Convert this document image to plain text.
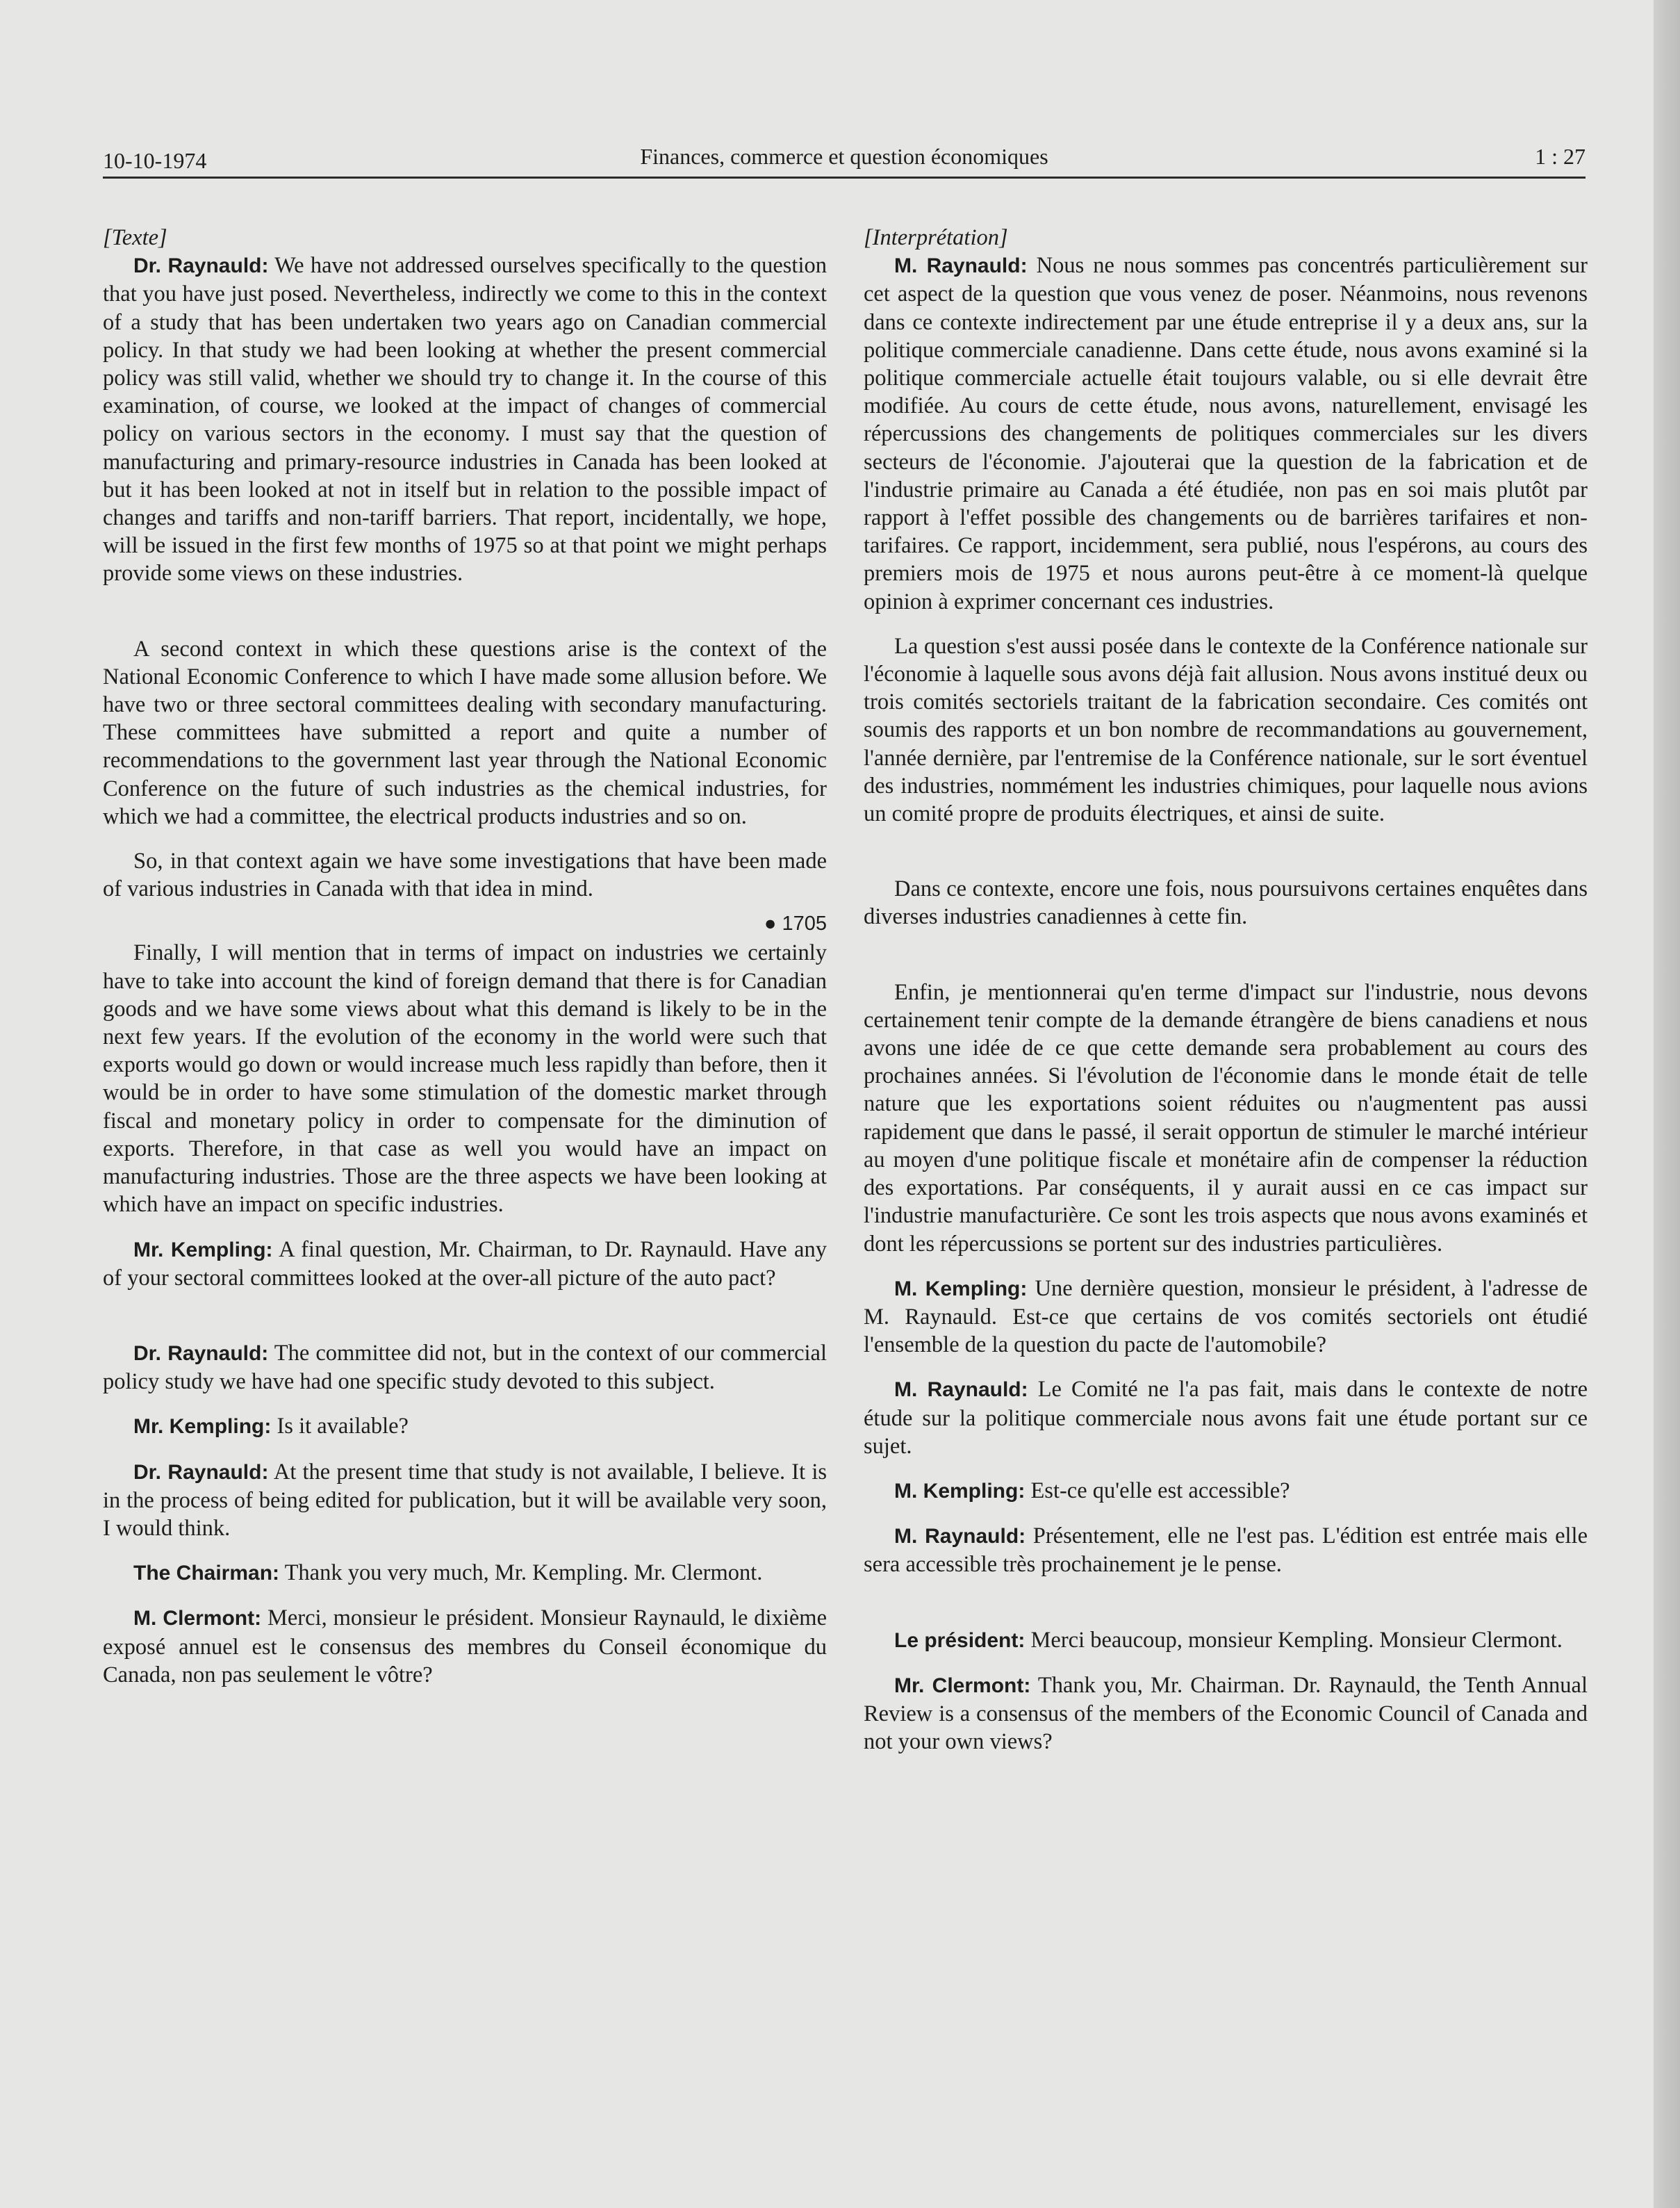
10-10-1974	Finances, commerce et question économiques	1 : 27

[Texte]

Dr. Raynauld: We have not addressed ourselves specifically to the question that you have just posed. Nevertheless, indirectly we come to this in the context of a study that has been undertaken two years ago on Canadian commercial policy. In that study we had been looking at whether the present commercial policy was still valid, whether we should try to change it. In the course of this examination, of course, we looked at the impact of changes of commercial policy on various sectors in the economy. I must say that the question of manufacturing and primary-resource industries in Canada has been looked at but it has been looked at not in itself but in relation to the possible impact of changes and tariffs and non-tariff barriers. That report, incidentally, we hope, will be issued in the first few months of 1975 so at that point we might perhaps provide some views on these industries.

A second context in which these questions arise is the context of the National Economic Conference to which I have made some allusion before. We have two or three sectoral committees dealing with secondary manufacturing. These committees have submitted a report and quite a number of recommendations to the government last year through the National Economic Conference on the future of such industries as the chemical industries, for which we had a committee, the electrical products industries and so on.

So, in that context again we have some investigations that have been made of various industries in Canada with that idea in mind.

● 1705

Finally, I will mention that in terms of impact on industries we certainly have to take into account the kind of foreign demand that there is for Canadian goods and we have some views about what this demand is likely to be in the next few years. If the evolution of the economy in the world were such that exports would go down or would increase much less rapidly than before, then it would be in order to have some stimulation of the domestic market through fiscal and monetary policy in order to compensate for the diminution of exports. Therefore, in that case as well you would have an impact on manufacturing industries. Those are the three aspects we have been looking at which have an impact on specific industries.

Mr. Kempling: A final question, Mr. Chairman, to Dr. Raynauld. Have any of your sectoral committees looked at the over-all picture of the auto pact?

Dr. Raynauld: The committee did not, but in the context of our commercial policy study we have had one specific study devoted to this subject.

Mr. Kempling: Is it available?

Dr. Raynauld: At the present time that study is not available, I believe. It is in the process of being edited for publication, but it will be available very soon, I would think.

The Chairman: Thank you very much, Mr. Kempling. Mr. Clermont.

M. Clermont: Merci, monsieur le président. Monsieur Raynauld, le dixième exposé annuel est le consensus des membres du Conseil économique du Canada, non pas seulement le vôtre?

[Interprétation]

M. Raynauld: Nous ne nous sommes pas concentrés particulièrement sur cet aspect de la question que vous venez de poser. Néanmoins, nous revenons dans ce contexte indirectement par une étude entreprise il y a deux ans, sur la politique commerciale canadienne. Dans cette étude, nous avons examiné si la politique commerciale actuelle était toujours valable, ou si elle devrait être modifiée. Au cours de cette étude, nous avons, naturellement, envisagé les répercussions des changements de politiques commerciales sur les divers secteurs de l'économie. J'ajouterai que la question de la fabrication et de l'industrie primaire au Canada a été étudiée, non pas en soi mais plutôt par rapport à l'effet possible des changements ou de barrières tarifaires et non-tarifaires. Ce rapport, incidemment, sera publié, nous l'espérons, au cours des premiers mois de 1975 et nous aurons peut-être à ce moment-là quelque opinion à exprimer concernant ces industries.

La question s'est aussi posée dans le contexte de la Conférence nationale sur l'économie à laquelle sous avons déjà fait allusion. Nous avons institué deux ou trois comités sectoriels traitant de la fabrication secondaire. Ces comités ont soumis des rapports et un bon nombre de recommandations au gouvernement, l'année dernière, par l'entremise de la Conférence nationale, sur le sort éventuel des industries, nommément les industries chimiques, pour laquelle nous avions un comité propre de produits électriques, et ainsi de suite.

Dans ce contexte, encore une fois, nous poursuivons certaines enquêtes dans diverses industries canadiennes à cette fin.

Enfin, je mentionnerai qu'en terme d'impact sur l'industrie, nous devons certainement tenir compte de la demande étrangère de biens canadiens et nous avons une idée de ce que cette demande sera probablement au cours des prochaines années. Si l'évolution de l'économie dans le monde était de telle nature que les exportations soient réduites ou n'augmentent pas aussi rapidement que dans le passé, il serait opportun de stimuler le marché intérieur au moyen d'une politique fiscale et monétaire afin de compenser la réduction des exportations. Par conséquents, il y aurait aussi en ce cas impact sur l'industrie manufacturière. Ce sont les trois aspects que nous avons examinés et dont les répercussions se portent sur des industries particulières.

M. Kempling: Une dernière question, monsieur le président, à l'adresse de M. Raynauld. Est-ce que certains de vos comités sectoriels ont étudié l'ensemble de la question du pacte de l'automobile?

M. Raynauld: Le Comité ne l'a pas fait, mais dans le contexte de notre étude sur la politique commerciale nous avons fait une étude portant sur ce sujet.

M. Kempling: Est-ce qu'elle est accessible?

M. Raynauld: Présentement, elle ne l'est pas. L'édition est entrée mais elle sera accessible très prochainement je le pense.

Le président: Merci beaucoup, monsieur Kempling. Monsieur Clermont.

Mr. Clermont: Thank you, Mr. Chairman. Dr. Raynauld, the Tenth Annual Review is a consensus of the members of the Economic Council of Canada and not your own views?
